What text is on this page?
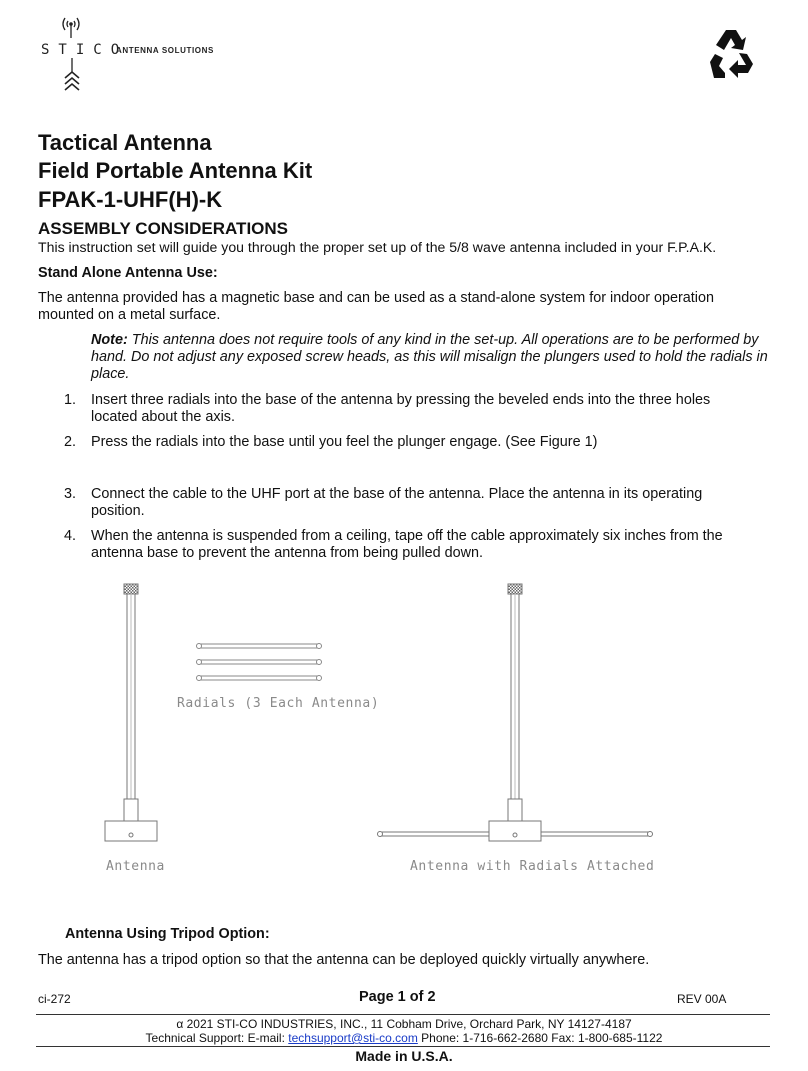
STICO
ANTENNA SOLUTIONS
Tactical Antenna
Field Portable Antenna Kit
FPAK-1-UHF(H)-K
ASSEMBLY CONSIDERATIONS
This instruction set will guide you through the proper set up of the 5/8 wave antenna included in your F.P.A.K.
Stand Alone Antenna Use:
The antenna provided has a magnetic base and can be used as a stand-alone system for indoor operation mounted on a metal surface.
Note: This antenna does not require tools of any kind in the set-up. All operations are to be performed by hand. Do not adjust any exposed screw heads, as this will misalign the plungers used to hold the radials in place.
1.	Insert three radials into the base of the antenna by pressing the beveled ends into the three holes located about the axis.
2.	Press the radials into the base until you feel the plunger engage. (See Figure 1)
3.	Connect the cable to the UHF port at the base of the antenna. Place the antenna in its operating position.
4.	When the antenna is suspended from a ceiling, tape off the cable approximately six inches from the antenna base to prevent the antenna from being pulled down.
Radials (3 Each Antenna)
Antenna	Antenna with Radials Attached
Antenna Using Tripod Option:
The antenna has a tripod option so that the antenna can be deployed quickly virtually anywhere.
ci-272	Page 1 of 2	REV 00A
α 2021 STI-CO INDUSTRIES, INC., 11 Cobham Drive, Orchard Park, NY 14127-4187
Technical Support: E-mail: techsupport@sti-co.com Phone: 1-716-662-2680 Fax: 1-800-685-1122
Made in U.S.A.
